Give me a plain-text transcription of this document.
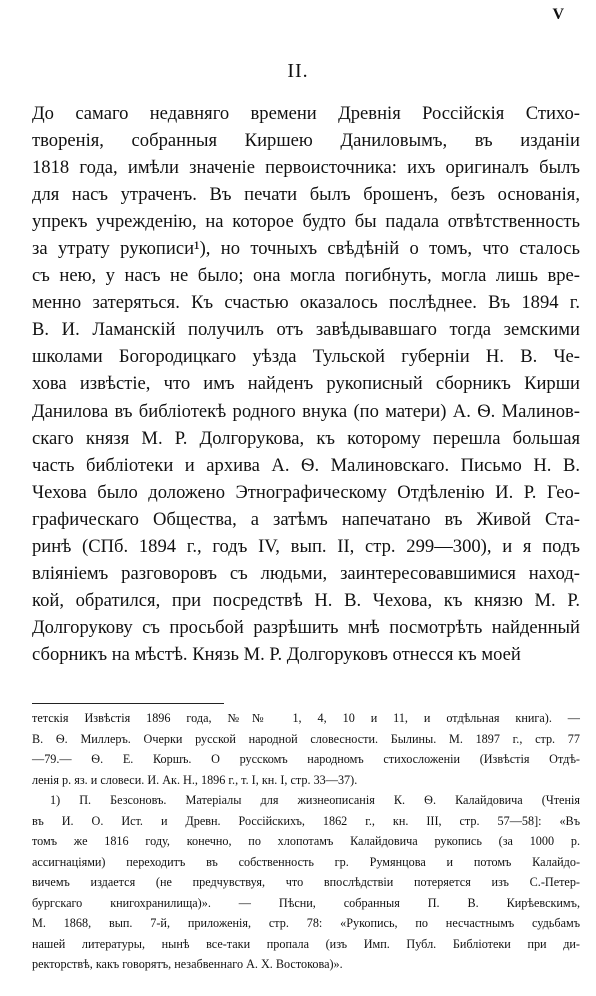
V
II.
До самаго недавняго времени Древнія Россійскія Стихо-
творенія, собранныя Киршею Даниловымъ, въ изданіи
1818 года, имѣли значеніе первоисточника: ихъ оригиналъ былъ
для насъ утраченъ. Въ печати былъ брошенъ, безъ основанія,
упрекъ учрежденію, на которое будто бы падала отвѣтственность
за утрату рукописи¹), но точныхъ свѣдѣній о томъ, что сталось
съ нею, у насъ не было; она могла погибнуть, могла лишь вре-
менно затеряться. Къ счастью оказалось послѣднее. Въ 1894 г.
В. И. Ламанскій получилъ отъ завѣдывавшаго тогда земскими
школами Богородицкаго уѣзда Тульской губерніи Н. В. Че-
хова извѣстіе, что имъ найденъ рукописный сборникъ Кирши
Данилова въ библіотекѣ родного внука (по матери) А. Ѳ. Малинов-
скаго князя М. Р. Долгорукова, къ которому перешла большая
часть библіотеки и архива А. Ѳ. Малиновскаго. Письмо Н. В.
Чехова было доложено Этнографическому Отдѣленію И. Р. Гео-
графическаго Общества, а затѣмъ напечатано въ Живой Ста-
ринѣ (СПб. 1894 г., годъ IV, вып. II, стр. 299—300), и я подъ
вліяніемъ разговоровъ съ людьми, заинтересовавшимися наход-
кой, обратился, при посредствѣ Н. В. Чехова, къ князю М. Р.
Долгорукову съ просьбой разрѣшить мнѣ посмотрѣть найденный
сборникъ на мѣстѣ. Князь М. Р. Долгоруковъ отнесся къ моей
тетскія Извѣстія 1896 года, №№ 1, 4, 10 и 11, и отдѣльная книга). —
В. Ѳ. Миллеръ. Очерки русской народной словесности. Былины. М. 1897 г., стр. 77
—79.— Ѳ. Е. Коршъ. О русскомъ народномъ стихосложеніи (Извѣстія Отдѣ-
ленія р. яз. и словеси. И. Ак. Н., 1896 г., т. I, кн. I, стр. 33—37).
1) П. Безсоновъ. Матеріалы для жизнеописанія К. Ѳ. Калайдовича (Чтенія
въ И. О. Ист. и Древн. Россійскихъ, 1862 г., кн. III, стр. 57—58]: «Въ
томъ же 1816 году, конечно, по хлопотамъ Калайдовича рукопись (за 1000 р.
ассигнаціями) переходитъ въ собственность гр. Румянцова и потомъ Калайдо-
вичемъ издается (не предчувствуя, что впослѣдствіи потеряется изъ С.-Петер-
бургскаго книгохранилища)». — Пѣсни, собранныя П. В. Кирѣевскимъ,
М. 1868, вып. 7-й, приложенія, стр. 78: «Рукопись, по несчастнымъ судьбамъ
нашей литературы, нынѣ все-таки пропала (изъ Имп. Публ. Библіотеки при ди-
ректорствѣ, какъ говорятъ, незабвеннаго А. Х. Востокова)».
